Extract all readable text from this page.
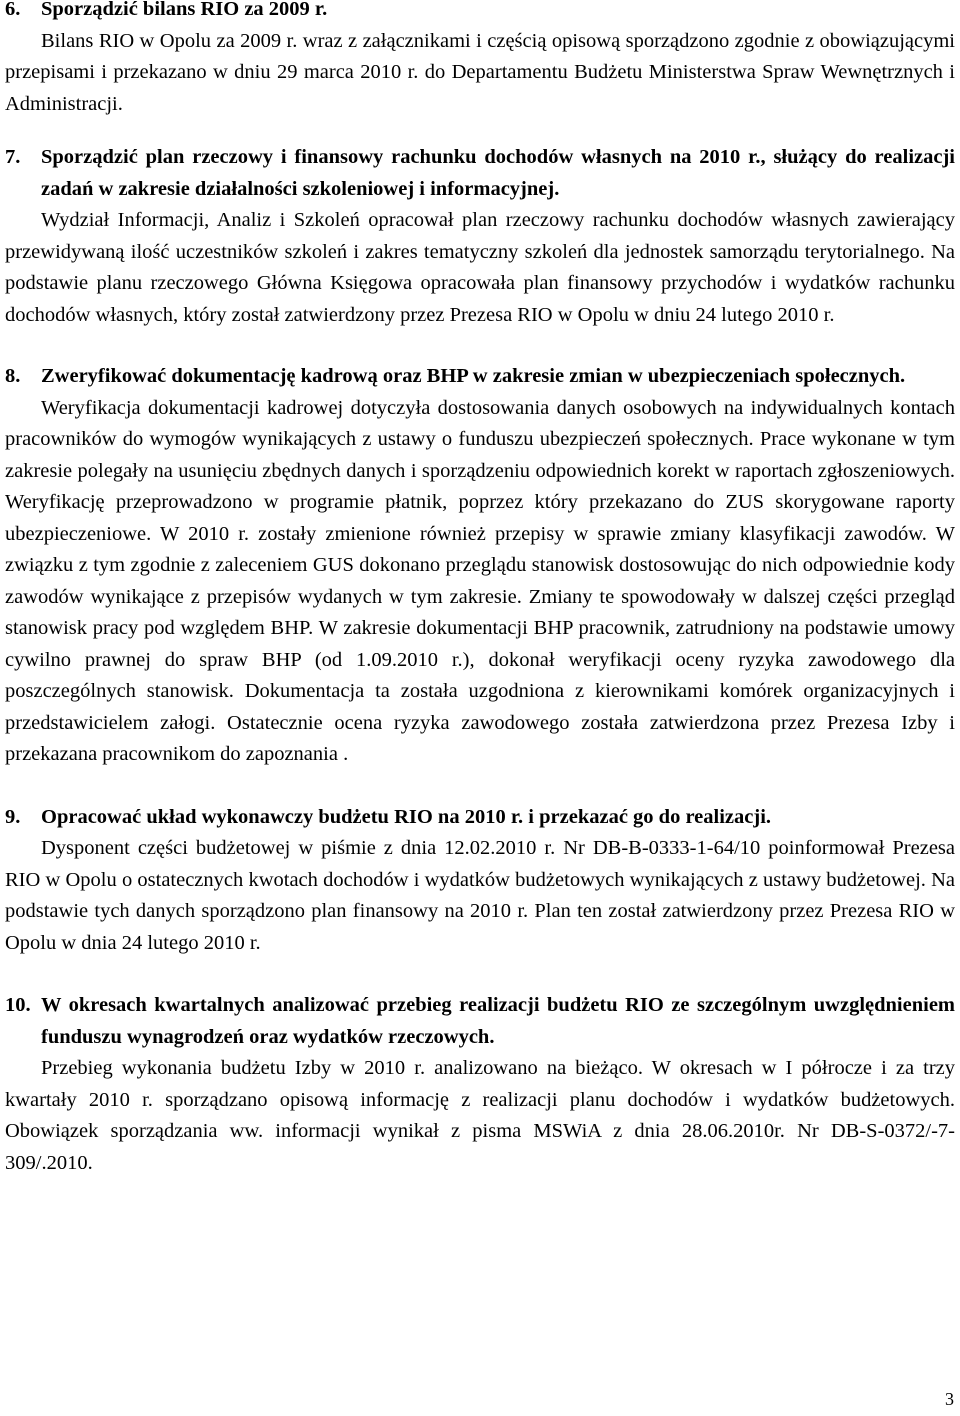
6.	Sporządzić bilans RIO za 2009 r.
Bilans RIO w Opolu za 2009 r. wraz z załącznikami i częścią opisową sporządzono zgodnie z obowiązującymi przepisami i przekazano w dniu 29 marca 2010 r. do Departamentu Budżetu Ministerstwa Spraw Wewnętrznych i Administracji.
7.	Sporządzić plan rzeczowy i finansowy rachunku dochodów własnych na 2010 r., służący do realizacji zadań w zakresie działalności szkoleniowej i informacyjnej.
Wydział Informacji, Analiz i Szkoleń opracował plan rzeczowy rachunku dochodów własnych zawierający przewidywaną ilość uczestników szkoleń i zakres tematyczny szkoleń dla jednostek samorządu terytorialnego. Na podstawie planu rzeczowego Główna Księgowa opracowała plan finansowy przychodów i wydatków rachunku dochodów własnych, który został zatwierdzony przez Prezesa RIO w Opolu w dniu 24 lutego 2010 r.
8.	Zweryfikować dokumentację kadrową oraz BHP w zakresie zmian w ubezpieczeniach społecznych.
Weryfikacja dokumentacji kadrowej dotyczyła dostosowania danych osobowych na indywidualnych kontach pracowników do wymogów wynikających z ustawy o funduszu ubezpieczeń społecznych. Prace wykonane w tym zakresie polegały na usunięciu zbędnych danych i sporządzeniu odpowiednich korekt w raportach zgłoszeniowych. Weryfikację przeprowadzono w programie płatnik, poprzez który przekazano do ZUS skorygowane raporty ubezpieczeniowe. W 2010 r. zostały zmienione również przepisy w sprawie zmiany klasyfikacji zawodów. W związku z tym zgodnie z zaleceniem GUS dokonano przeglądu stanowisk dostosowując do nich odpowiednie kody zawodów wynikające z przepisów wydanych w tym zakresie. Zmiany te spowodowały w dalszej części przegląd stanowisk pracy pod względem BHP. W zakresie dokumentacji BHP pracownik, zatrudniony na podstawie umowy cywilno prawnej do spraw BHP (od 1.09.2010 r.), dokonał weryfikacji oceny ryzyka zawodowego dla poszczególnych stanowisk. Dokumentacja ta została uzgodniona z kierownikami komórek organizacyjnych i przedstawicielem załogi. Ostatecznie ocena ryzyka zawodowego została zatwierdzona przez Prezesa Izby i przekazana pracownikom do zapoznania .
9.	Opracować układ wykonawczy budżetu RIO na 2010 r. i przekazać go do realizacji.
Dysponent części budżetowej w piśmie z dnia 12.02.2010 r. Nr DB-B-0333-1-64/10 poinformował Prezesa RIO w Opolu o ostatecznych kwotach dochodów i wydatków budżetowych wynikających z ustawy budżetowej. Na podstawie tych danych sporządzono plan finansowy na 2010 r. Plan ten został zatwierdzony przez Prezesa RIO w Opolu w dnia 24 lutego 2010 r.
10. W okresach kwartalnych analizować przebieg realizacji budżetu RIO ze szczególnym uwzględnieniem funduszu wynagrodzeń oraz wydatków rzeczowych.
Przebieg wykonania budżetu Izby w 2010 r. analizowano na bieżąco. W okresach w I półrocze i za trzy kwartały 2010 r. sporządzano opisową informację z realizacji planu dochodów i wydatków budżetowych. Obowiązek sporządzania ww. informacji wynikał z pisma MSWiA z dnia 28.06.2010r. Nr DB-S-0372/-7-309/.2010.
3
